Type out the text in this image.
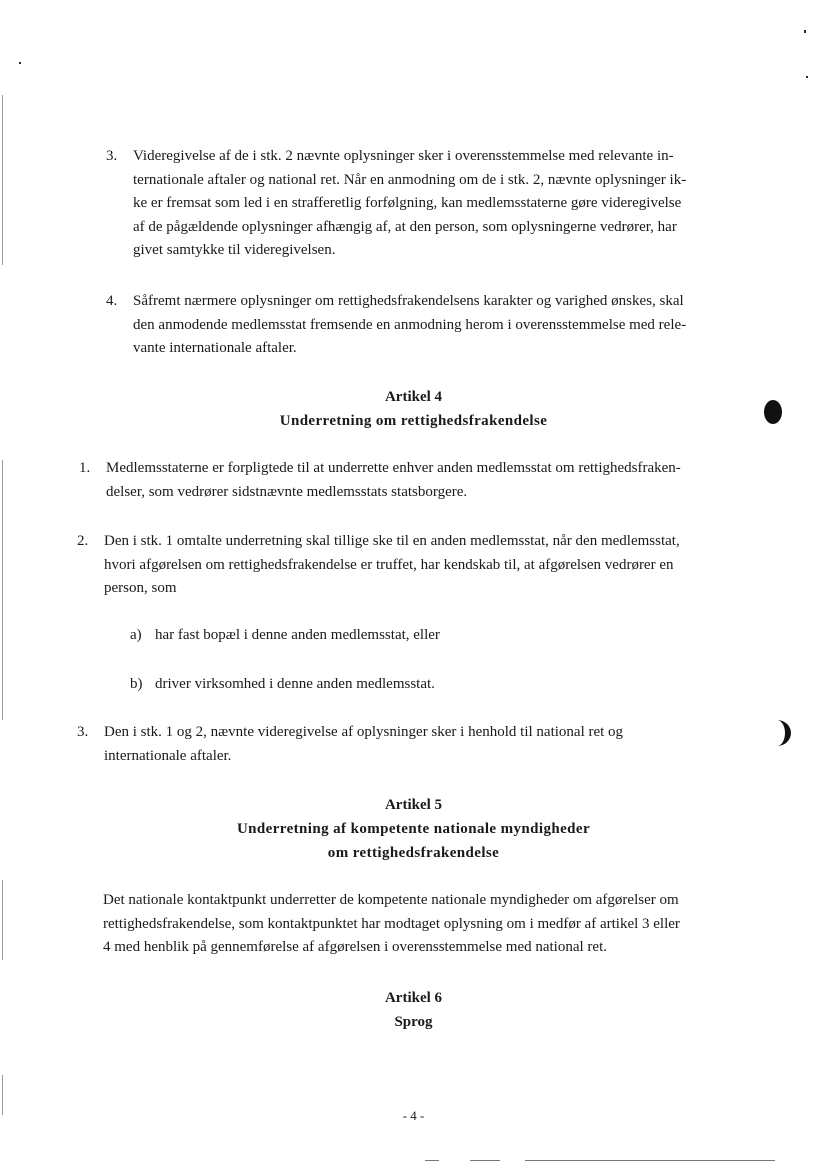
3. Videregivelse af de i stk. 2 nævnte oplysninger sker i overensstemmelse med relevante in-
ternationale aftaler og national ret. Når en anmodning om de i stk. 2, nævnte oplysninger ik-
ke er fremsat som led i en strafferetlig forfølgning, kan medlemsstaterne gøre videregivelse
af de pågældende oplysninger afhængig af, at den person, som oplysningerne vedrører, har
givet samtykke til videregivelsen.
4. Såfremt nærmere oplysninger om rettighedsfrakendelsens karakter og varighed ønskes, skal
den anmodende medlemsstat fremsende en anmodning herom i overensstemmelse med rele-
vante internationale aftaler.
Artikel 4
Underretning om rettighedsfrakendelse
1. Medlemsstaterne er forpligtede til at underrette enhver anden medlemsstat om rettighedsfraken-
delser, som vedrører sidstnævnte medlemsstats statsborgere.
2. Den i stk. 1 omtalte underretning skal tillige ske til en anden medlemsstat, når den medlemsstat,
hvori afgørelsen om rettighedsfrakendelse er truffet, har kendskab til, at afgørelsen vedrører en
person, som
a) har fast bopæl i denne anden medlemsstat, eller
b) driver virksomhed i denne anden medlemsstat.
3. Den i stk. 1 og 2, nævnte videregivelse af oplysninger sker i henhold til national ret og
internationale aftaler.
Artikel 5
Underretning af kompetente nationale myndigheder
om rettighedsfrakendelse
Det nationale kontaktpunkt underretter de kompetente nationale myndigheder om afgørelser om
rettighedsfrakendelse, som kontaktpunktet har modtaget oplysning om i medfør af artikel 3 eller
4 med henblik på gennemførelse af afgørelsen i overensstemmelse med national ret.
Artikel 6
Sprog
- 4 -
